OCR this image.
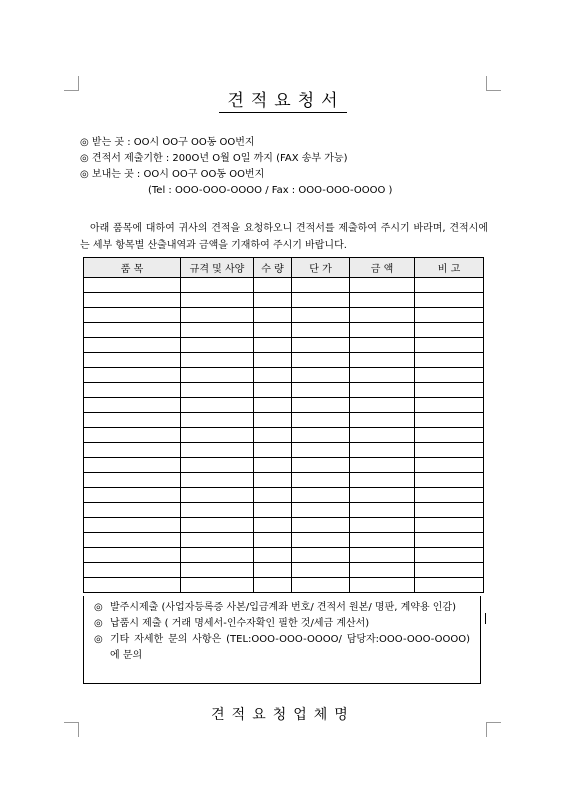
견적요청서
◎ 받는 곳 : OO시 OO구 OO동 OO번지
◎ 견적서 제출기한 : 200O년 O월 O일 까지 (FAX 송부 가능)
◎ 보내는 곳 : OO시 OO구 OO동 OO번지
(Tel : OOO-OOO-OOOO / Fax : OOO-OOO-OOOO )
아래 품목에 대하여 귀사의 견적을 요청하오니 견적서를 제출하여 주시기 바라며, 견적시에는 세부 항목별 산출내역과 금액을 기재하여 주시기 바랍니다.
품 목	규격 및 사양	수 량	단 가	금 액	비 고

◎ 발주시제출 (사업자등록증 사본/입금계좌 번호/ 견적서 원본/ 명판, 계약용 인감)
◎ 납품시 제출 ( 거래 명세서-인수자확인 필한 것/세금 계산서)
◎ 기타 자세한 문의 사항은 (TEL:OOO-OOO-OOOO/ 담당자:OOO-OOO-OOOO) 에 문의
견적요청업체명
